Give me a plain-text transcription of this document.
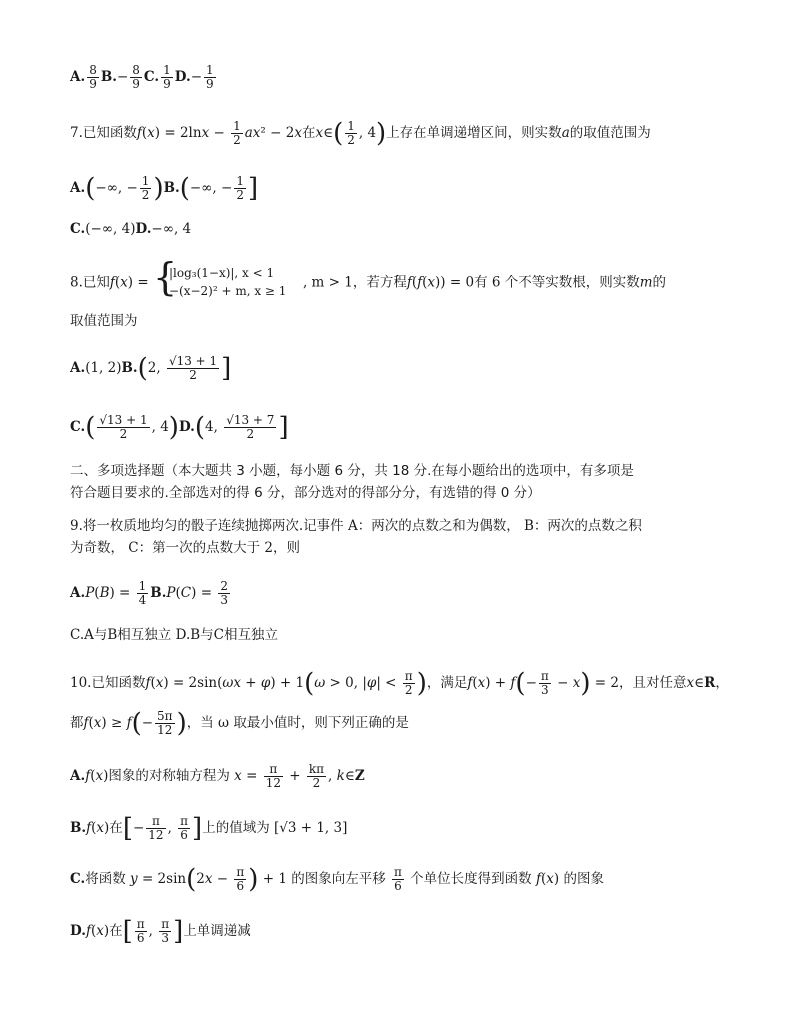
A. $\frac{8}{9} B.- \frac{8}{9} C$. $\frac{1}{9} D.- \frac{1}{9}$
7.已知函数$f(x) = 2\ln x - \frac{1}{2} ax^2 - 2x$在x∈( $\frac{1}{2}$ , 4)上存在单调递增区间，则实数a的取值范围为
A.(−∞, − $\frac{1}{2} )B.(-\infty$, − $\frac{1}{2}$ ]
C.(−∞, 4)D.−∞, 4
8.已知f(x) = {
|log₃(1−x)|, x < 1
−(x−2)² + m, x ≥ 1
, m > 1，若方程f(f(x)) = 0有 6 个不等实数根，则实数m的
取值范围为
A.(1, 2)B.(2, $\frac{√13 + 1}{2}$ ]
$C.( \frac{√13 + 1}{2}$ , 4)D.(4, $\frac{√13 + 7}{2}$ ]
二、多项选择题（本大题共 3 小题，每小题 6 分，共 18 分.在每小题给出的选项中，有多项是
符合题目要求的.全部选对的得 6 分，部分选对的得部分分，有选错的得 0 分）
9.将一枚质地均匀的骰子连续抛掷两次.记事件 A：两次的点数之和为偶数， B：两次的点数之积
为奇数， C：第一次的点数大于 2，则
$A.P(B) = \frac{1}{4} B.P(C) = \frac{2}{3}$
C.A与B相互独立 D.B与C相互独立
10.已知函数f(x) = 2sin(ωx + φ) + 1(ω > 0, $|\varphi| < \frac{\pi}{2}$ )，满足$f(x) + f(- \frac{\pi}{3} - x) = 2$，且对任意x∈R，
都$f(x) \ge f(- \frac{5\pi}{12}$ )，当 ω 取最小值时，则下列正确的是
A.f(x)图象的对称轴方程为 $x = \frac{\pi}{12} + \frac{k\pi}{2}$ , k∈Z
B.f(x)在[− $\frac{\pi}{12}$ , $\frac{\pi}{6}$ ]上的值域为 [√3 + 1, 3]
C.将函数 $y = 2\sin(2x - \frac{\pi}{6}$ ) + 1 的图象向左平移 $\frac{\pi}{6}$ 个单位长度得到函数 f(x) 的图象
D.f(x)在[ $\frac{\pi}{6}$ , $\frac{\pi}{3}$ ]上单调递减
